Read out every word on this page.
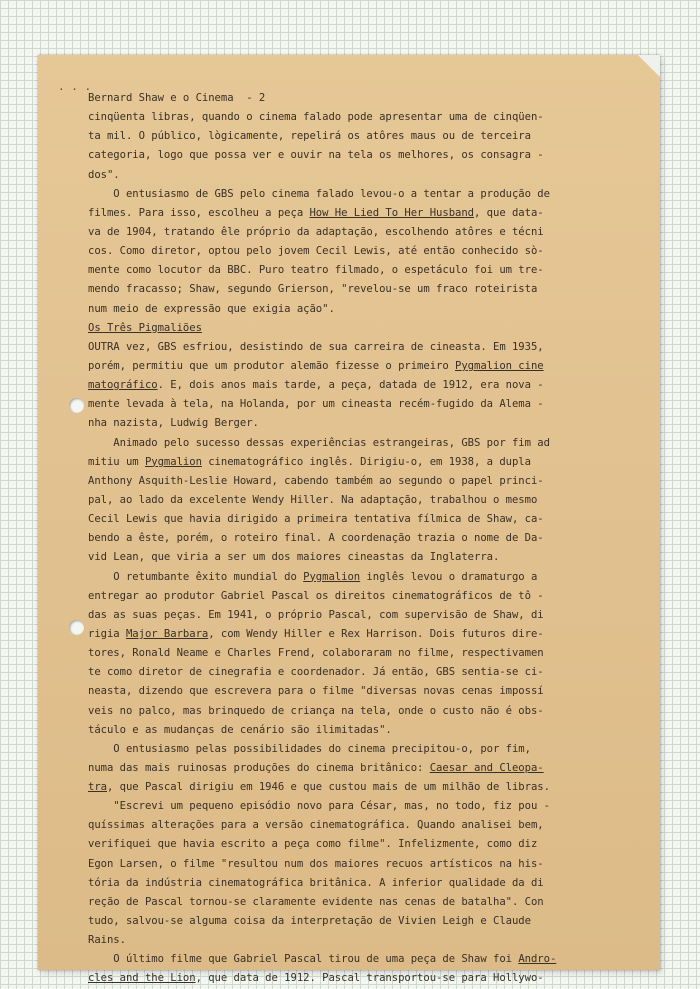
. . .
Bernard Shaw e o Cinema  - 2
cinqüenta libras, quando o cinema falado pode apresentar uma de cinqüen-
ta mil. O público, lògicamente, repelirá os atôres maus ou de terceira
categoria, logo que possa ver e ouvir na tela os melhores, os consagra -
dos".
O entusiasmo de GBS pelo cinema falado levou-o a tentar a produção de
filmes. Para isso, escolheu a peça How He Lied To Her Husband, que data-
va de 1904, tratando êle próprio da adaptação, escolhendo atôres e técni
cos. Como diretor, optou pelo jovem Cecil Lewis, até então conhecido sò-
mente como locutor da BBC. Puro teatro filmado, o espetáculo foi um tre-
mendo fracasso; Shaw, segundo Grierson, "revelou-se um fraco roteirista
num meio de expressão que exigia ação".
Os Três Pigmaliões
OUTRA vez, GBS esfriou, desistindo de sua carreira de cineasta. Em 1935,
porém, permitiu que um produtor alemão fizesse o primeiro Pygmalion cine
matográfico. E, dois anos mais tarde, a peça, datada de 1912, era nova -
mente levada à tela, na Holanda, por um cineasta recém-fugido da Alema -
nha nazista, Ludwig Berger.
Animado pelo sucesso dessas experiências estrangeiras, GBS por fim ad
mitiu um Pygmalion cinematográfico inglês. Dirigiu-o, em 1938, a dupla
Anthony Asquith-Leslie Howard, cabendo também ao segundo o papel princi-
pal, ao lado da excelente Wendy Hiller. Na adaptação, trabalhou o mesmo
Cecil Lewis que havia dirigido a primeira tentativa fílmica de Shaw, ca-
bendo a êste, porém, o roteiro final. A coordenação trazia o nome de Da-
vid Lean, que viria a ser um dos maiores cineastas da Inglaterra.
O retumbante êxito mundial do Pygmalion inglês levou o dramaturgo a
entregar ao produtor Gabriel Pascal os direitos cinematográficos de tô -
das as suas peças. Em 1941, o próprio Pascal, com supervisão de Shaw, di
rigia Major Barbara, com Wendy Hiller e Rex Harrison. Dois futuros dire-
tores, Ronald Neame e Charles Frend, colaboraram no filme, respectivamen
te como diretor de cinegrafia e coordenador. Já então, GBS sentia-se ci-
neasta, dizendo que escrevera para o filme "diversas novas cenas impossí
veis no palco, mas brinquedo de criança na tela, onde o custo não é obs-
táculo e as mudanças de cenário são ilimitadas".
O entusiasmo pelas possibilidades do cinema precipitou-o, por fim,
numa das mais ruinosas produções do cinema britânico: Caesar and Cleopa-
tra, que Pascal dirigiu em 1946 e que custou mais de um milhão de libras.
"Escrevi um pequeno episódio novo para César, mas, no todo, fiz pou -
quíssimas alterações para a versão cinematográfica. Quando analisei bem,
verifiquei que havia escrito a peça como filme". Infelizmente, como diz
Egon Larsen, o filme "resultou num dos maiores recuos artísticos na his-
tória da indústria cinematográfica britânica. A inferior qualidade da di
reção de Pascal tornou-se claramente evidente nas cenas de batalha". Con
tudo, salvou-se alguma coisa da interpretação de Vivien Leigh e Claude
Rains.
O último filme que Gabriel Pascal tirou de uma peça de Shaw foi Andro-
cles and the Lion, que data de 1912. Pascal transportou-se para Hollywo-
